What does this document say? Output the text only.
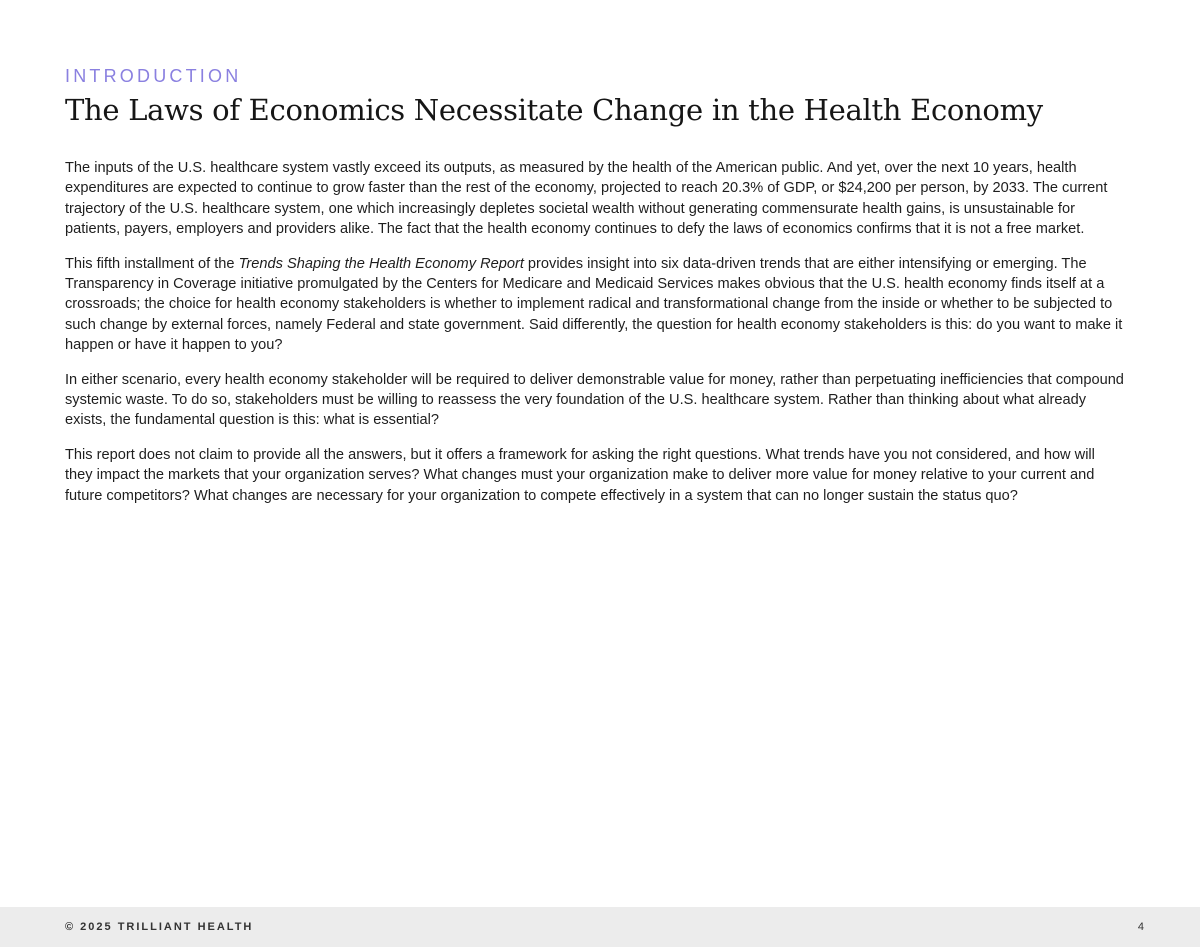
INTRODUCTION
The Laws of Economics Necessitate Change in the Health Economy

The inputs of the U.S. healthcare system vastly exceed its outputs, as measured by the health of the American public. And yet, over the next 10 years, health expenditures are expected to continue to grow faster than the rest of the economy, projected to reach 20.3% of GDP, or $24,200 per person, by 2033. The current trajectory of the U.S. healthcare system, one which increasingly depletes societal wealth without generating commensurate health gains, is unsustainable for patients, payers, employers and providers alike. The fact that the health economy continues to defy the laws of economics confirms that it is not a free market.

This fifth installment of the Trends Shaping the Health Economy Report provides insight into six data-driven trends that are either intensifying or emerging. The Transparency in Coverage initiative promulgated by the Centers for Medicare and Medicaid Services makes obvious that the U.S. health economy finds itself at a crossroads; the choice for health economy stakeholders is whether to implement radical and transformational change from the inside or whether to be subjected to such change by external forces, namely Federal and state government. Said differently, the question for health economy stakeholders is this: do you want to make it happen or have it happen to you?

In either scenario, every health economy stakeholder will be required to deliver demonstrable value for money, rather than perpetuating inefficiencies that compound systemic waste. To do so, stakeholders must be willing to reassess the very foundation of the U.S. healthcare system. Rather than thinking about what already exists, the fundamental question is this: what is essential?

This report does not claim to provide all the answers, but it offers a framework for asking the right questions. What trends have you not considered, and how will they impact the markets that your organization serves? What changes must your organization make to deliver more value for money relative to your current and future competitors? What changes are necessary for your organization to compete effectively in a system that can no longer sustain the status quo?

© 2025 TRILLIANT HEALTH	4
